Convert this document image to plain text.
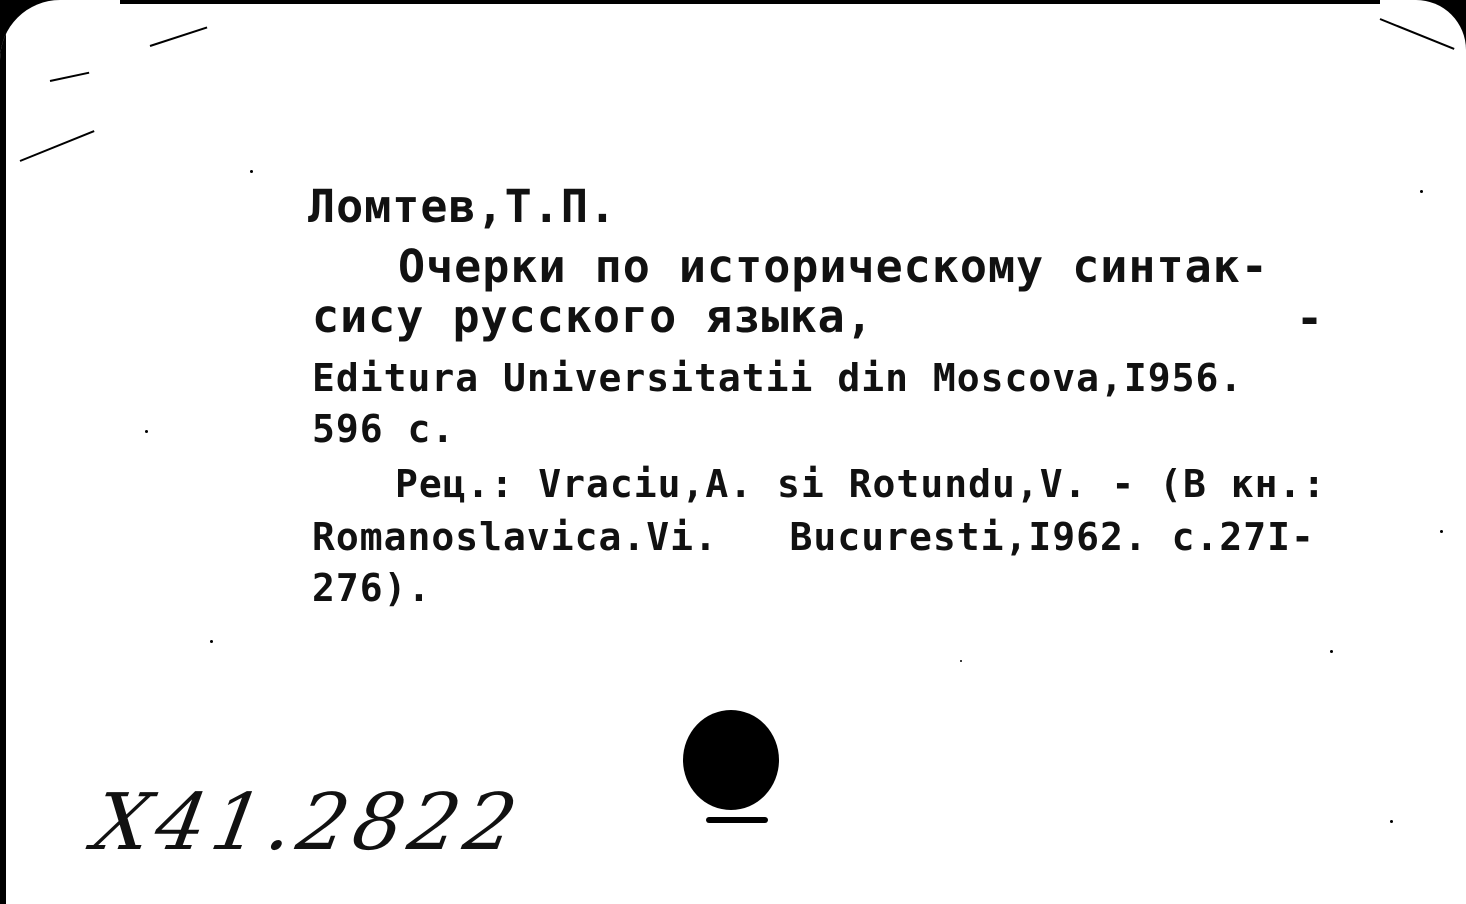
Ломтев,Т.П.
Очерки по историческому синтак-
сису русского языка,	-
Editura Universitatii din Moscova,I956.
596 с.
Рец.: Vraciu,A. si Rotundu,V. - (В кн.:
Romanoslavica.Vi.   Bucuresti,I962. с.27I-
276).
Х41.2822
